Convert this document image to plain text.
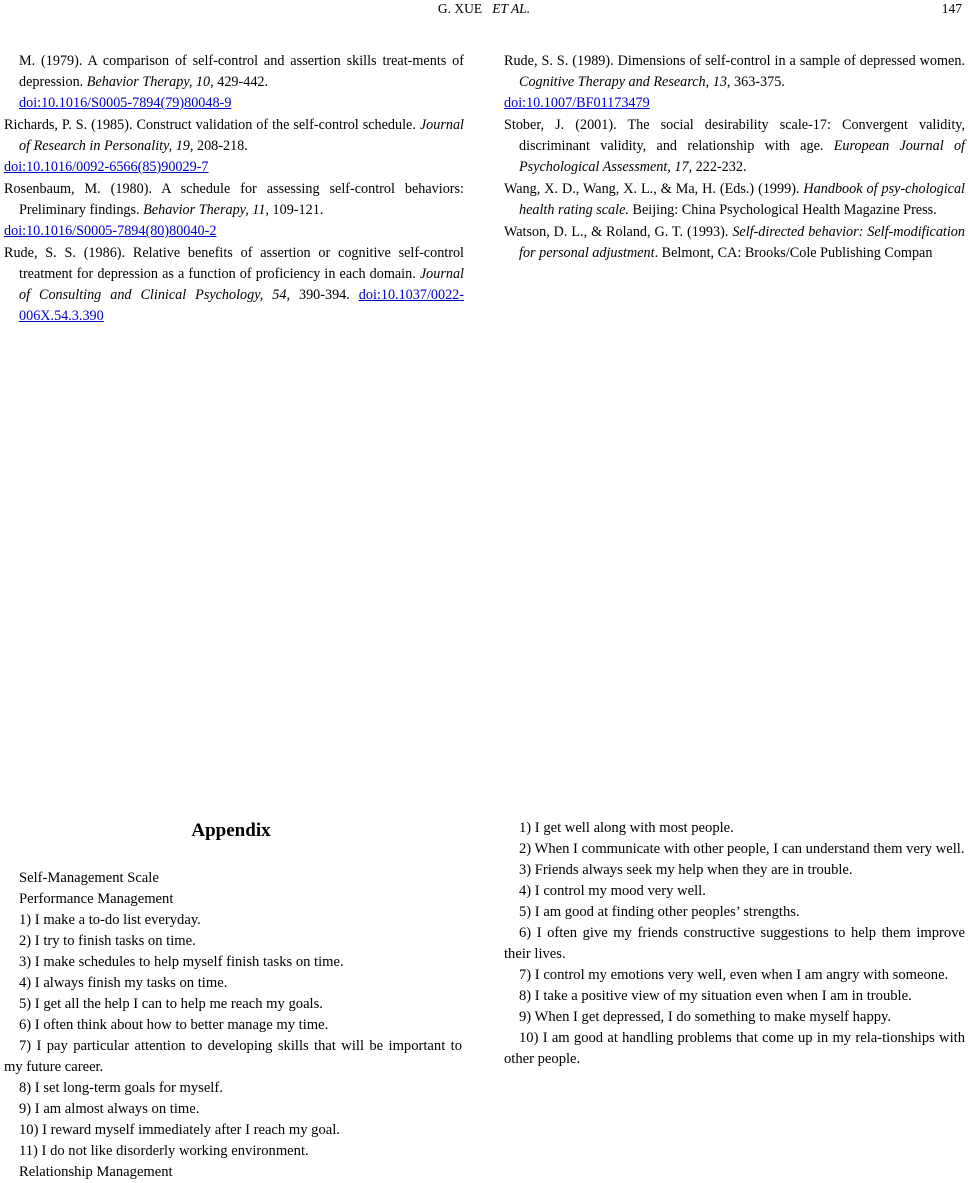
G. XUE ET AL.	147

M. (1979). A comparison of self-control and assertion skills treat-ments of depression. Behavior Therapy, 10, 429-442.
doi:10.1016/S0005-7894(79)80048-9

Richards, P. S. (1985). Construct validation of the self-control schedule. Journal of Research in Personality, 19, 208-218.
doi:10.1016/0092-6566(85)90029-7

Rosenbaum, M. (1980). A schedule for assessing self-control behaviors: Preliminary findings. Behavior Therapy, 11, 109-121.
doi:10.1016/S0005-7894(80)80040-2

Rude, S. S. (1986). Relative benefits of assertion or cognitive self-control treatment for depression as a function of proficiency in each domain. Journal of Consulting and Clinical Psychology, 54, 390-394. doi:10.1037/0022-006X.54.3.390

Rude, S. S. (1989). Dimensions of self-control in a sample of depressed women. Cognitive Therapy and Research, 13, 363-375.
doi:10.1007/BF01173479

Stober, J. (2001). The social desirability scale-17: Convergent validity, discriminant validity, and relationship with age. European Journal of Psychological Assessment, 17, 222-232.

Wang, X. D., Wang, X. L., & Ma, H. (Eds.) (1999). Handbook of psy-chological health rating scale. Beijing: China Psychological Health Magazine Press.

Watson, D. L., & Roland, G. T. (1993). Self-directed behavior: Self-modification for personal adjustment. Belmont, CA: Brooks/Cole Publishing Compan

Appendix

Self-Management Scale

Performance Management

1) I make a to-do list everyday.

2) I try to finish tasks on time.

3) I make schedules to help myself finish tasks on time.

4) I always finish my tasks on time.

5) I get all the help I can to help me reach my goals.

6) I often think about how to better manage my time.

7) I pay particular attention to developing skills that will be important to my future career.

8) I set long-term goals for myself.

9) I am almost always on time.

10) I reward myself immediately after I reach my goal.

11) I do not like disorderly working environment.

Relationship Management

1) I get well along with most people.

2) When I communicate with other people, I can understand them very well.

3) Friends always seek my help when they are in trouble.

4) I control my mood very well.

5) I am good at finding other peoples’ strengths.

6) I often give my friends constructive suggestions to help them improve their lives.

7) I control my emotions very well, even when I am angry with someone.

8) I take a positive view of my situation even when I am in trouble.

9) When I get depressed, I do something to make myself happy.

10) I am good at handling problems that come up in my rela-tionships with other people.
